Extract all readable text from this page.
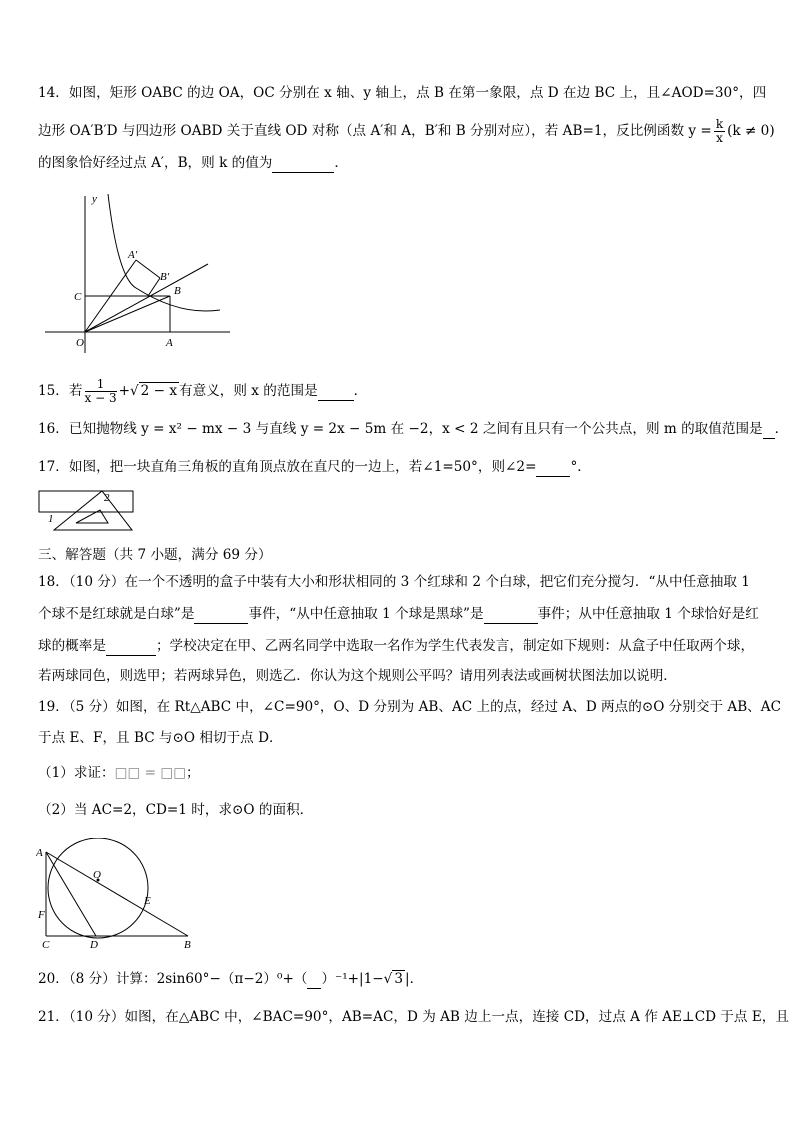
14．如图，矩形 OABC 的边 OA，OC 分别在 x 轴、y 轴上，点 B 在第一象限，点 D 在边 BC 上，且∠AOD=30°，四
边形 OA′B′D 与四边形 OABD 关于直线 OD 对称（点 A′和 A，B′和 B 分别对应），若 AB=1，反比例函数 $y = \frac{k}{x} (k \ne 0)$
的图象恰好经过点 A′，B，则 k 的值为	．
y
A′
B′
C	B
O	A
15．若 $\frac{1}{x - 3}$ +√ 2 − x 有意义，则 x 的范围是	．
16．已知抛物线 y = x² − mx − 3 与直线 y = 2x − 5m 在 −2，x < 2 之间有且只有一个公共点，则 m 的取值范围是 ．
17．如图，把一块直角三角板的直角顶点放在直尺的一边上，若∠1=50°，则∠2=	°．
1
2
三、解答题（共 7 小题，满分 69 分）
18．（10 分）在一个不透明的盒子中装有大小和形状相同的 3 个红球和 2 个白球，把它们充分搅匀．“从中任意抽取 1
个球不是红球就是白球”是	事件，“从中任意抽取 1 个球是黑球”是	事件；从中任意抽取 1 个球恰好是红
球的概率是	；学校决定在甲、乙两名同学中选取一名作为学生代表发言，制定如下规则：从盒子中任取两个球，
若两球同色，则选甲；若两球异色，则选乙．你认为这个规则公平吗？请用列表法或画树状图法加以说明．
19．（5 分）如图，在 Rt△ABC 中，∠C=90°，O、D 分别为 AB、AC 上的点，经过 A、D 两点的⊙O 分别交于 AB、AC
于点 E、F，且 BC 与⊙O 相切于点 D．
（1）求证：□□ = □□；
（2）当 AC=2，CD=1 时，求⊙O 的面积．
A
O
E
F
C	D	B
20．（8 分）计算：2sin60°−（π−2）⁰+（ ）⁻¹+|1−√ 3 |．
21．（10 分）如图，在△ABC 中，∠BAC=90°，AB=AC，D 为 AB 边上一点，连接 CD，过点 A 作 AE⊥CD 于点 E，且
